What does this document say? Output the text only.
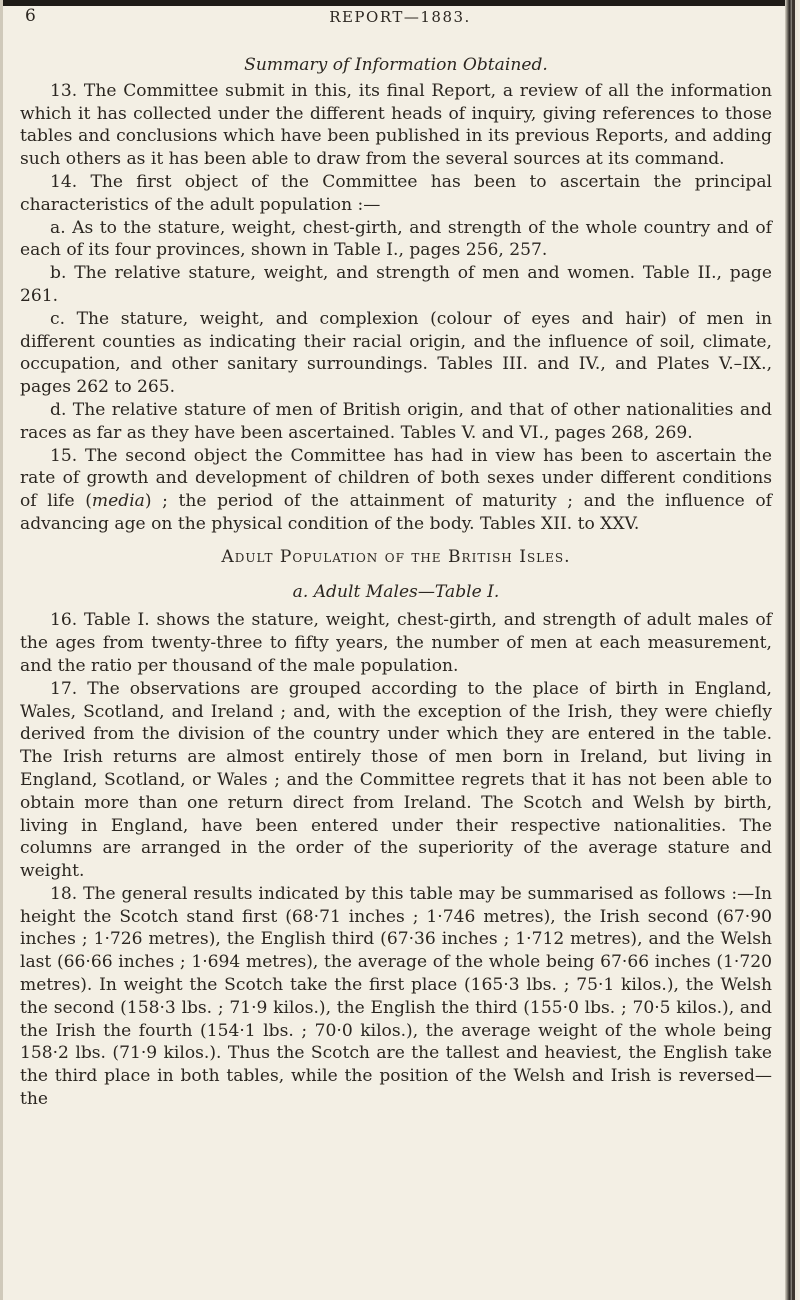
6	REPORT—1883.

Summary of Information Obtained.

13. The Committee submit in this, its final Report, a review of all the information which it has collected under the different heads of inquiry, giving references to those tables and conclusions which have been published in its previous Reports, and adding such others as it has been able to draw from the several sources at its command.

14. The first object of the Committee has been to ascertain the principal characteristics of the adult population :—

a. As to the stature, weight, chest-girth, and strength of the whole country and of each of its four provinces, shown in Table I., pages 256, 257.

b. The relative stature, weight, and strength of men and women. Table II., page 261.

c. The stature, weight, and complexion (colour of eyes and hair) of men in different counties as indicating their racial origin, and the influence of soil, climate, occupation, and other sanitary surroundings. Tables III. and IV., and Plates V.–IX., pages 262 to 265.

d. The relative stature of men of British origin, and that of other nationalities and races as far as they have been ascertained. Tables V. and VI., pages 268, 269.

15. The second object the Committee has had in view has been to ascertain the rate of growth and development of children of both sexes under different conditions of life (media) ; the period of the attainment of maturity ; and the influence of advancing age on the physical condition of the body. Tables XII. to XXV.

Adult Population of the British Isles.

a. Adult Males—Table I.

16. Table I. shows the stature, weight, chest-girth, and strength of adult males of the ages from twenty-three to fifty years, the number of men at each measurement, and the ratio per thousand of the male population.

17. The observations are grouped according to the place of birth in England, Wales, Scotland, and Ireland ; and, with the exception of the Irish, they were chiefly derived from the division of the country under which they are entered in the table. The Irish returns are almost entirely those of men born in Ireland, but living in England, Scotland, or Wales ; and the Committee regrets that it has not been able to obtain more than one return direct from Ireland. The Scotch and Welsh by birth, living in England, have been entered under their respective nationalities. The columns are arranged in the order of the superiority of the average stature and weight.

18. The general results indicated by this table may be summarised as follows :—In height the Scotch stand first (68·71 inches ; 1·746 metres), the Irish second (67·90 inches ; 1·726 metres), the English third (67·36 inches ; 1·712 metres), and the Welsh last (66·66 inches ; 1·694 metres), the average of the whole being 67·66 inches (1·720 metres). In weight the Scotch take the first place (165·3 lbs. ; 75·1 kilos.), the Welsh the second (158·3 lbs. ; 71·9 kilos.), the English the third (155·0 lbs. ; 70·5 kilos.), and the Irish the fourth (154·1 lbs. ; 70·0 kilos.), the average weight of the whole being 158·2 lbs. (71·9 kilos.). Thus the Scotch are the tallest and heaviest, the English take the third place in both tables, while the position of the Welsh and Irish is reversed—the
